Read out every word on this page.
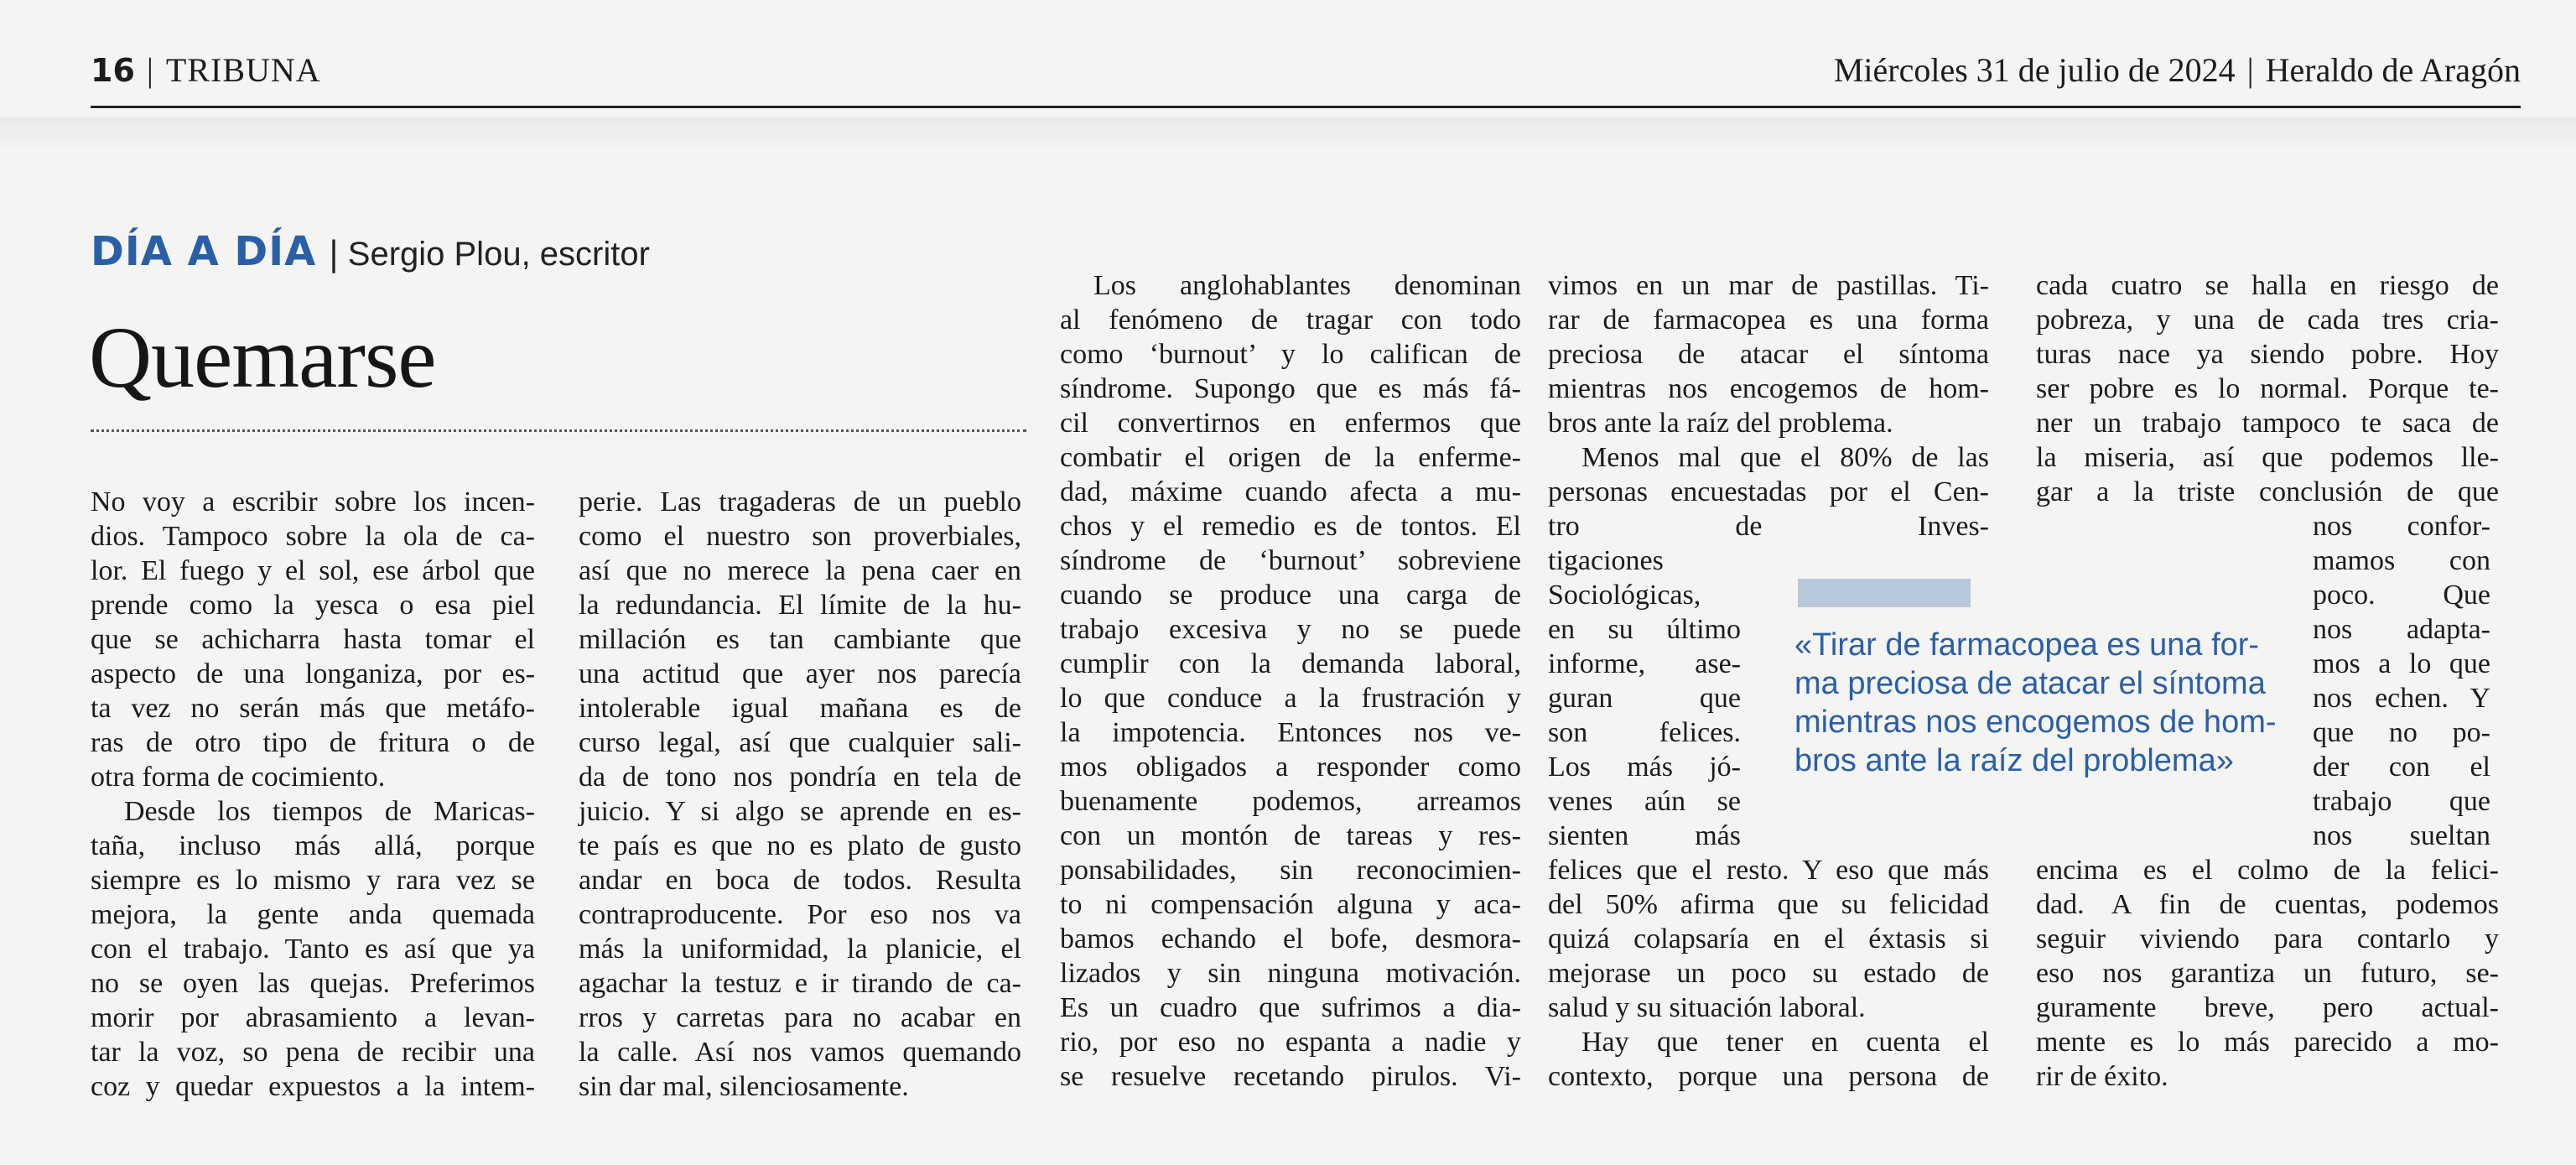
16 | TRIBUNA	Miércoles 31 de julio de 2024 | Heraldo de Aragón
DÍA A DÍA | Sergio Plou, escritor
Quemarse
No voy a escribir sobre los incen-
dios. Tampoco sobre la ola de ca-
lor. El fuego y el sol, ese árbol que
prende como la yesca o esa piel
que se achicharra hasta tomar el
aspecto de una longaniza, por es-
ta vez no serán más que metáfo-
ras de otro tipo de fritura o de
otra forma de cocimiento.
Desde los tiempos de Maricas-
taña, incluso más allá, porque
siempre es lo mismo y rara vez se
mejora, la gente anda quemada
con el trabajo. Tanto es así que ya
no se oyen las quejas. Preferimos
morir por abrasamiento a levan-
tar la voz, so pena de recibir una
coz y quedar expuestos a la intem-
perie. Las tragaderas de un pueblo
como el nuestro son proverbiales,
así que no merece la pena caer en
la redundancia. El límite de la hu-
millación es tan cambiante que
una actitud que ayer nos parecía
intolerable igual mañana es de
curso legal, así que cualquier sali-
da de tono nos pondría en tela de
juicio. Y si algo se aprende en es-
te país es que no es plato de gusto
andar en boca de todos. Resulta
contraproducente. Por eso nos va
más la uniformidad, la planicie, el
agachar la testuz e ir tirando de ca-
rros y carretas para no acabar en
la calle. Así nos vamos quemando
sin dar mal, silenciosamente.
Los anglohablantes denominan
al fenómeno de tragar con todo
como ‘burnout’ y lo califican de
síndrome. Supongo que es más fá-
cil convertirnos en enfermos que
combatir el origen de la enferme-
dad, máxime cuando afecta a mu-
chos y el remedio es de tontos. El
síndrome de ‘burnout’ sobreviene
cuando se produce una carga de
trabajo excesiva y no se puede
cumplir con la demanda laboral,
lo que conduce a la frustración y
la impotencia. Entonces nos ve-
mos obligados a responder como
buenamente podemos, arreamos
con un montón de tareas y res-
ponsabilidades, sin reconocimien-
to ni compensación alguna y aca-
bamos echando el bofe, desmora-
lizados y sin ninguna motivación.
Es un cuadro que sufrimos a dia-
rio, por eso no espanta a nadie y
se resuelve recetando pirulos. Vi-
vimos en un mar de pastillas. Ti-
rar de farmacopea es una forma
preciosa de atacar el síntoma
mientras nos encogemos de hom-
bros ante la raíz del problema.
Menos mal que el 80% de las
personas encuestadas por el Cen-
tro de Inves-
tigaciones
Sociológicas,
en su último
informe, ase-
guran que
son felices.
Los más jó-
venes aún se
sienten más
felices que el resto. Y eso que más
del 50% afirma que su felicidad
quizá colapsaría en el éxtasis si
mejorase un poco su estado de
salud y su situación laboral.
Hay que tener en cuenta el
contexto, porque una persona de
cada cuatro se halla en riesgo de
pobreza, y una de cada tres cria-
turas nace ya siendo pobre. Hoy
ser pobre es lo normal. Porque te-
ner un trabajo tampoco te saca de
la miseria, así que podemos lle-
gar a la triste conclusión de que
nos confor-
mamos con
poco. Que
nos adapta-
mos a lo que
nos echen. Y
que no po-
der con el
trabajo que
nos sueltan
encima es el colmo de la felici-
dad. A fin de cuentas, podemos
seguir viviendo para contarlo y
eso nos garantiza un futuro, se-
guramente breve, pero actual-
mente es lo más parecido a mo-
rir de éxito.
«Tirar de farmacopea es una for-
ma preciosa de atacar el síntoma
mientras nos encogemos de hom-
bros ante la raíz del problema»
